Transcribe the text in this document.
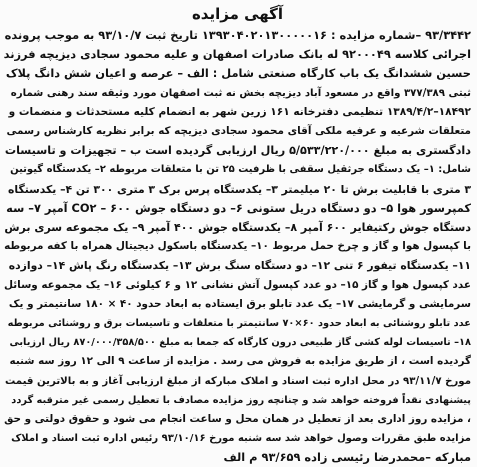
آگهی مزایده
۹۳/۳۴۴۲ –شماره مزایده : ۱۳۹۳۰۴۰۲۰۱۳۰۰۰۰۰۱۶ تاریخ ثبت ۹۳/۱۰/۷ به موجب پرونده
اجرائی کلاسه ۹۲۰۰۰۴۹ له بانک صادرات اصفهان و علیه محمود سجادی دیزیچه فرزند
حسین ششدانگ یک باب کارگاه صنعتی شامل : الف – عرصه و اعیان شش دانگ پلاک
ثبتی ۳۷۷/۳۸۹ واقع در مسعود آباد دیزیچه بخش نه ثبت اصفهان مورد وثیقه سند رهنی شماره
۱۸۴۹۲–۱۳۸۹/۴/۲ تنظیمی دفترخانه ۱۶۱ زرین شهر به انضمام کلیه مستحدثات و منضمات و
متعلقات شرعیه و عرفیه ملکی آقای محمود سجادی دیزیچه که برابر نظریه کارشناس رسمی
دادگستری به مبلغ ۵/۵۳۳/۲۲۰/۰۰۰ ریال ارزیابی گردیده است ب – تجهیزات و تاسیسات
شامل: ۱– یک دستگاه جرثقیل سقفی با ظرفیت ۲۵ تن با متعلقات مربوطه ۲– یکدستگاه گیوتین
۳ متری با قابلیت برش تا ۲۰ میلیمتر ۳– یکدستگاه پرس برک ۳ متری ۳۰۰ تن ۴– یکدستگاه
کمپرسور هوا ۵– دو دستگاه دریل ستونی ۶– دو دستگاه جوش ۶۰۰ – CO۲ آمپر ۷– سه
دستگاه جوش رکتیفایر ۶۰۰ آمپر ۸– یکدستگاه جوش ۴۰۰ آمپر ۹– یک مجموعه سری برش
با کپسول هوا و گاز و چرخ حمل مربوط ۱۰– یکدستگاه باسکول دیجیتال همراه با کفه مربوطه
۱۱– یکدستگاه تیفور ۶ تنی ۱۲– دو دستگاه سنگ برش ۱۳– یکدستگاه رنگ پاش ۱۴– دوازده
عدد کپسول هوا و گاز ۱۵– دو عدد کپسول آتش نشانی ۱۲ و ۶ کیلوئی ۱۶– یک مجموعه وسائل
سرمایشی و گرمایشی ۱۷– یک عدد تابلو برق ایستاده به ابعاد حدود ۴۰ × ۱۸۰ سانتیمتر و یک
عدد تابلو روشنائی به ابعاد حدود ۶۰×۷۰ سانتیمتر با متعلقات و تاسیسات برق و روشنائی مربوطه
۱۸– تاسیسات لوله کشی گاز طبیعی درون کارگاه که جمعا به مبلغ ۸۷۰/۰۰۰/۳۵۸/۵۰۰ ریال ارزیابی
گردیده است ، از طریق مزایده به فروش می رسد . مزایده از ساعت ۹ الی ۱۲ روز سه شنبه
مورخ ۹۳/۱۱/۷ در محل اداره ثبت اسناد و املاک مبارکه از مبلغ ارزیابی آغاز و به بالاترین قیمت
پیشنهادی نقداً فروخته خواهد شد و چنانچه روز مزایده مصادف با تعطیل رسمی غیر مترقبه گردد
، مزایده روز اداری بعد از تعطیل در همان محل و ساعت انجام می شود و حقوق دولتی و حق
مزایده طبق مقررات وصول خواهد شد سه شنبه مورخ ۹۳/۱۰/۱۶ رئیس اداره ثبت اسناد و املاک
مبارکه –محمدرضا رئیسی زاده ۹۳/۶۵۹ م الف
